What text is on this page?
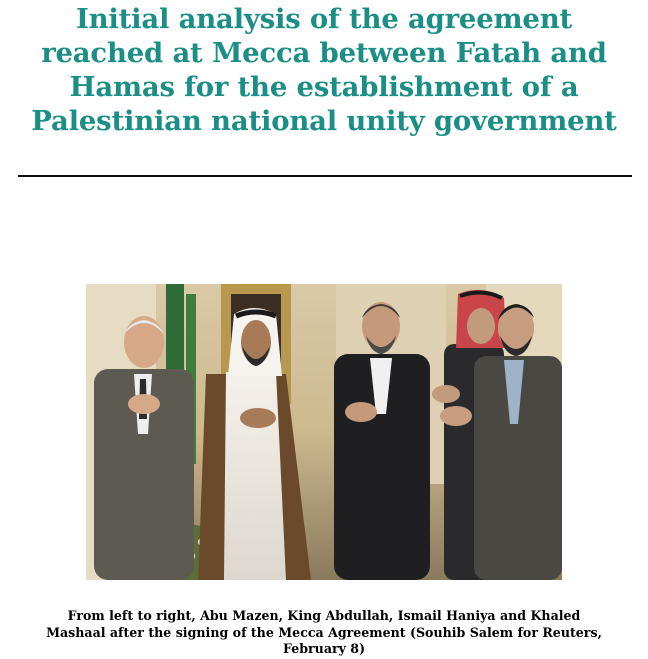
Initial analysis of the agreement
reached at Mecca between Fatah and
Hamas for the establishment of a
Palestinian national unity government
From left to right, Abu Mazen, King Abdullah, Ismail Haniya and Khaled
Mashaal after the signing of the Mecca Agreement (Souhib Salem for Reuters,
February 8)
